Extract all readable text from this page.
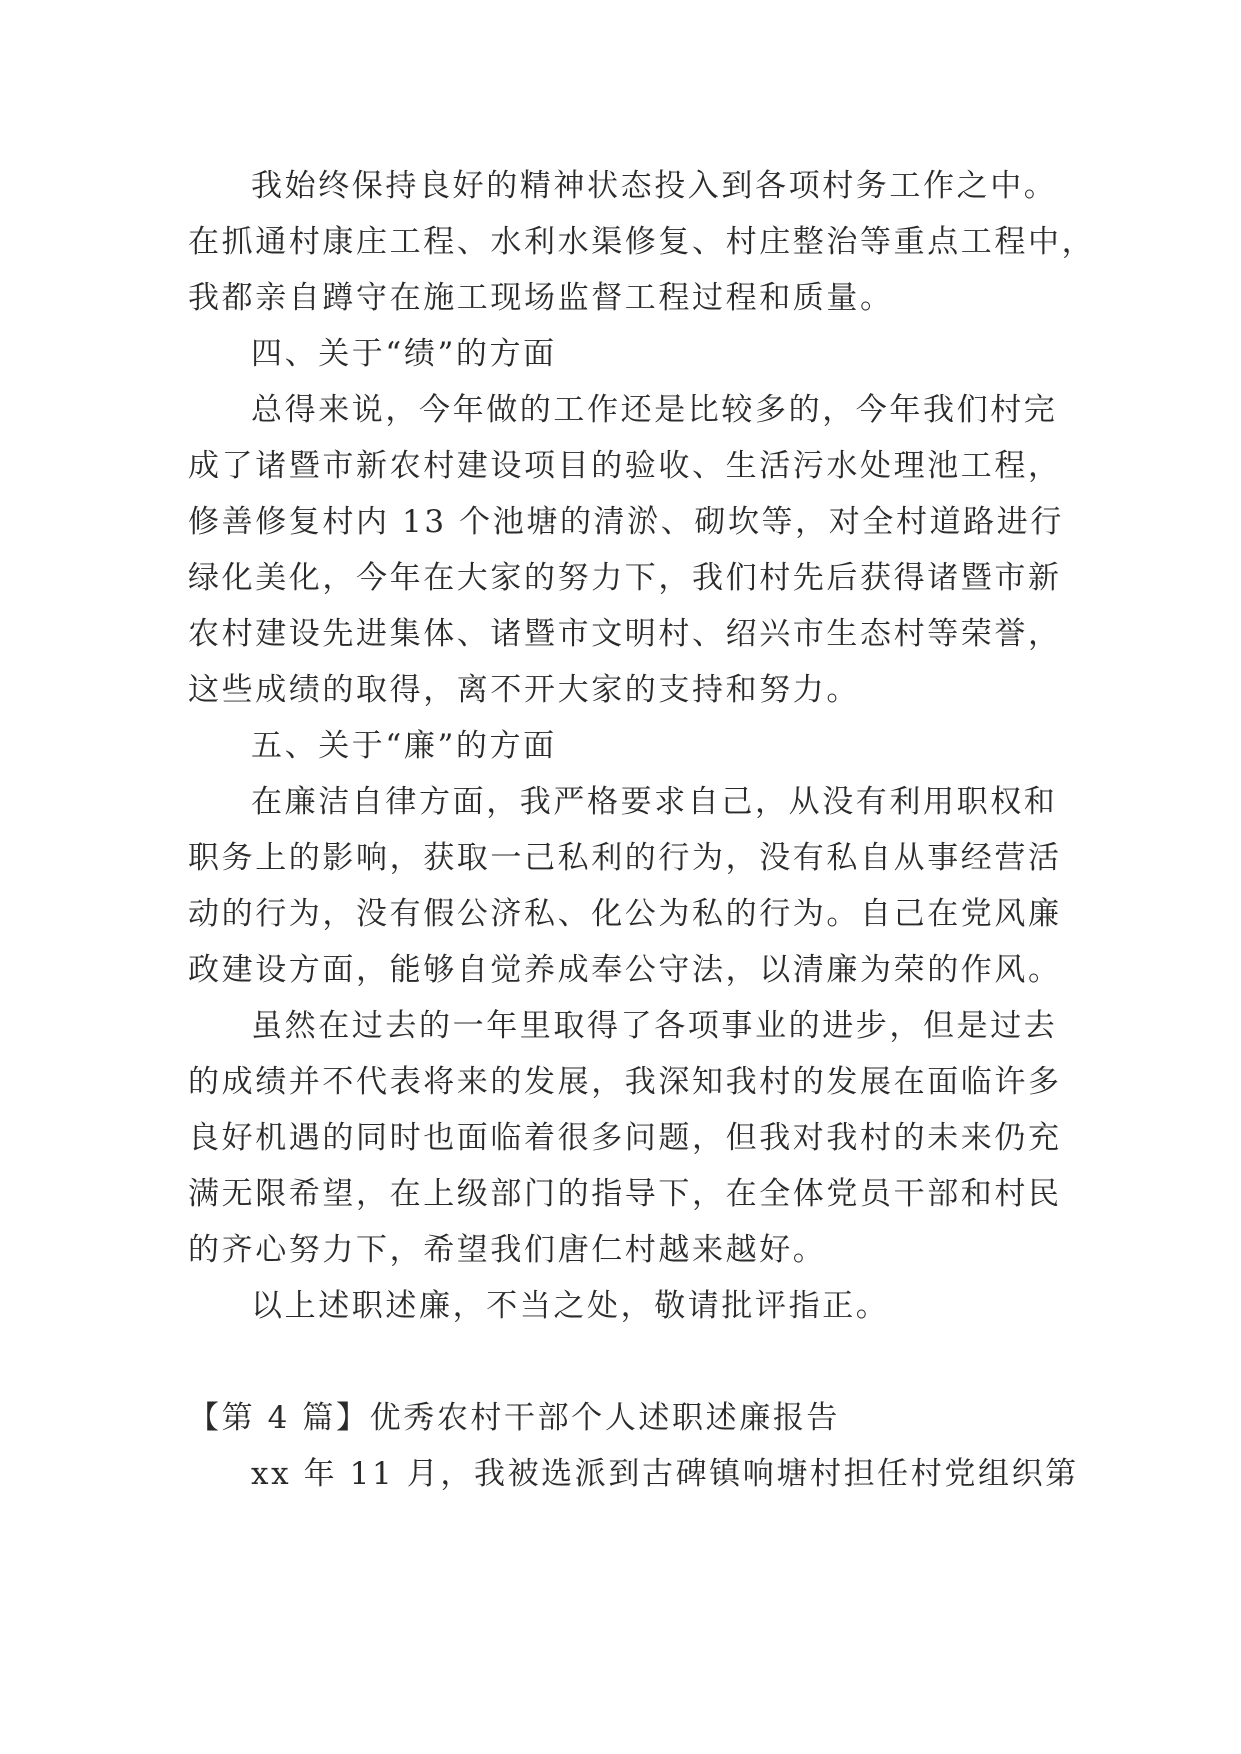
我始终保持良好的精神状态投入到各项村务工作之中。
在抓通村康庄工程、水利水渠修复、村庄整治等重点工程中，
我都亲自蹲守在施工现场监督工程过程和质量。
四、关于“绩”的方面
总得来说，今年做的工作还是比较多的，今年我们村完
成了诸暨市新农村建设项目的验收、生活污水处理池工程，
修善修复村内 13 个池塘的清淤、砌坎等，对全村道路进行
绿化美化，今年在大家的努力下，我们村先后获得诸暨市新
农村建设先进集体、诸暨市文明村、绍兴市生态村等荣誉，
这些成绩的取得，离不开大家的支持和努力。
五、关于“廉”的方面
在廉洁自律方面，我严格要求自己，从没有利用职权和
职务上的影响，获取一己私利的行为，没有私自从事经营活
动的行为，没有假公济私、化公为私的行为。自己在党风廉
政建设方面，能够自觉养成奉公守法，以清廉为荣的作风。
虽然在过去的一年里取得了各项事业的进步，但是过去
的成绩并不代表将来的发展，我深知我村的发展在面临许多
良好机遇的同时也面临着很多问题，但我对我村的未来仍充
满无限希望，在上级部门的指导下，在全体党员干部和村民
的齐心努力下，希望我们唐仁村越来越好。
以上述职述廉，不当之处，敬请批评指正。
【第 4 篇】优秀农村干部个人述职述廉报告
xx 年 11 月，我被选派到古碑镇响塘村担任村党组织第
